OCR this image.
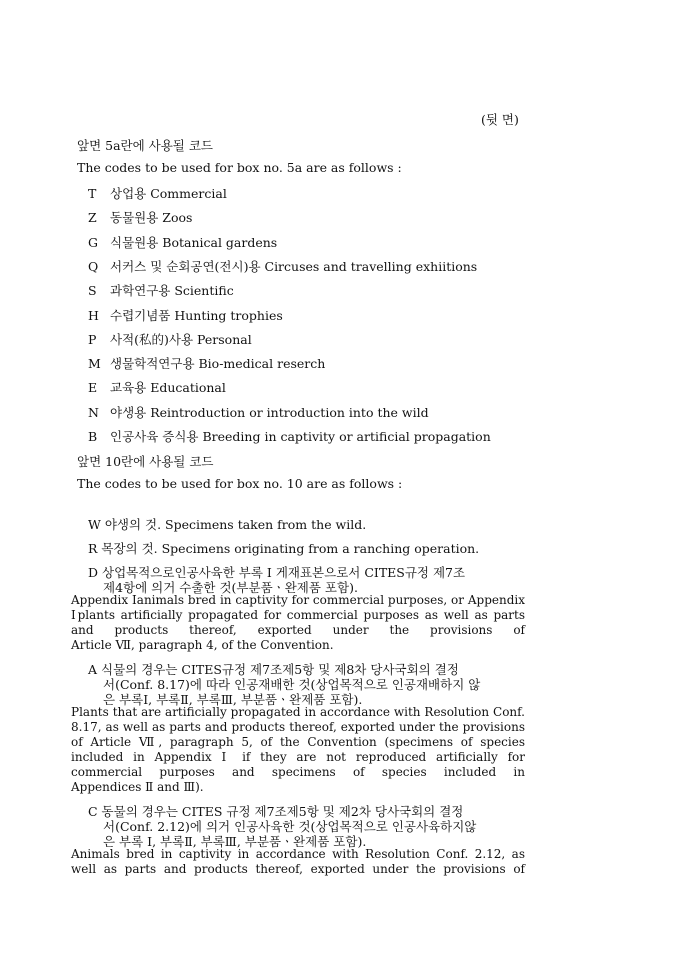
(뒷 면)
앞면 5a란에 사용될 코드
The codes to be used for box no. 5a are as follows :
T 상업용 Commercial
Z 동물원용 Zoos
G 식물원용 Botanical gardens
Q 서커스 및 순회공연(전시)용 Circuses and travelling exhiitions
S 과학연구용 Scientific
H 수렵기념품 Hunting trophies
P 사적(私的)사용 Personal
M 생물학적연구용 Bio-medical reserch
E 교육용 Educational
N 야생용 Reintroduction or introduction into the wild
B 인공사육 증식용 Breeding in captivity or artificial propagation
앞면 10란에 사용될 코드
The codes to be used for box no. 10 are as follows :
W 야생의 것. Specimens taken from the wild.
R 목장의 것. Specimens originating from a ranching operation.
D 상업목적으로인공사육한 부록 Ⅰ 게재표본으로서 CITES규정 제7조
제4항에 의거 수출한 것(부분품ㆍ완제품 포함).
Appendix Ⅰanimals bred in captivity for commercial purposes, or Appendix Ⅰplants artificially propagated for commercial purposes as well as parts and products thereof, exported under the provisions of
Article Ⅶ, paragraph 4, of the Convention.
A 식물의 경우는 CITES규정 제7조제5항 및 제8차 당사국회의 결정
서(Conf. 8.17)에 따라 인공재배한 것(상업목적으로 인공재배하지 않
은 부록Ⅰ, 부록Ⅱ, 부록Ⅲ, 부분품ㆍ완제품 포함).
Plants that are artificially propagated in accordance with Resolution Conf. 8.17, as well as parts and products thereof, exported under the provisions of Article Ⅶ, paragraph 5, of the Convention (specimens of species included in Appendix Ⅰ if they are not reproduced artificially for commercial purposes and specimens of species included in
Appendices Ⅱ and Ⅲ).
C 동물의 경우는 CITES 규정 제7조제5항 및 제2차 당사국회의 결정
서(Conf. 2.12)에 의거 인공사육한 것(상업목적으로 인공사육하지않
은 부록 Ⅰ, 부록Ⅱ, 부록Ⅲ, 부분품ㆍ완제품 포함).
Animals bred in captivity in accordance with Resolution Conf. 2.12, as well as parts and products thereof, exported under the provisions of
